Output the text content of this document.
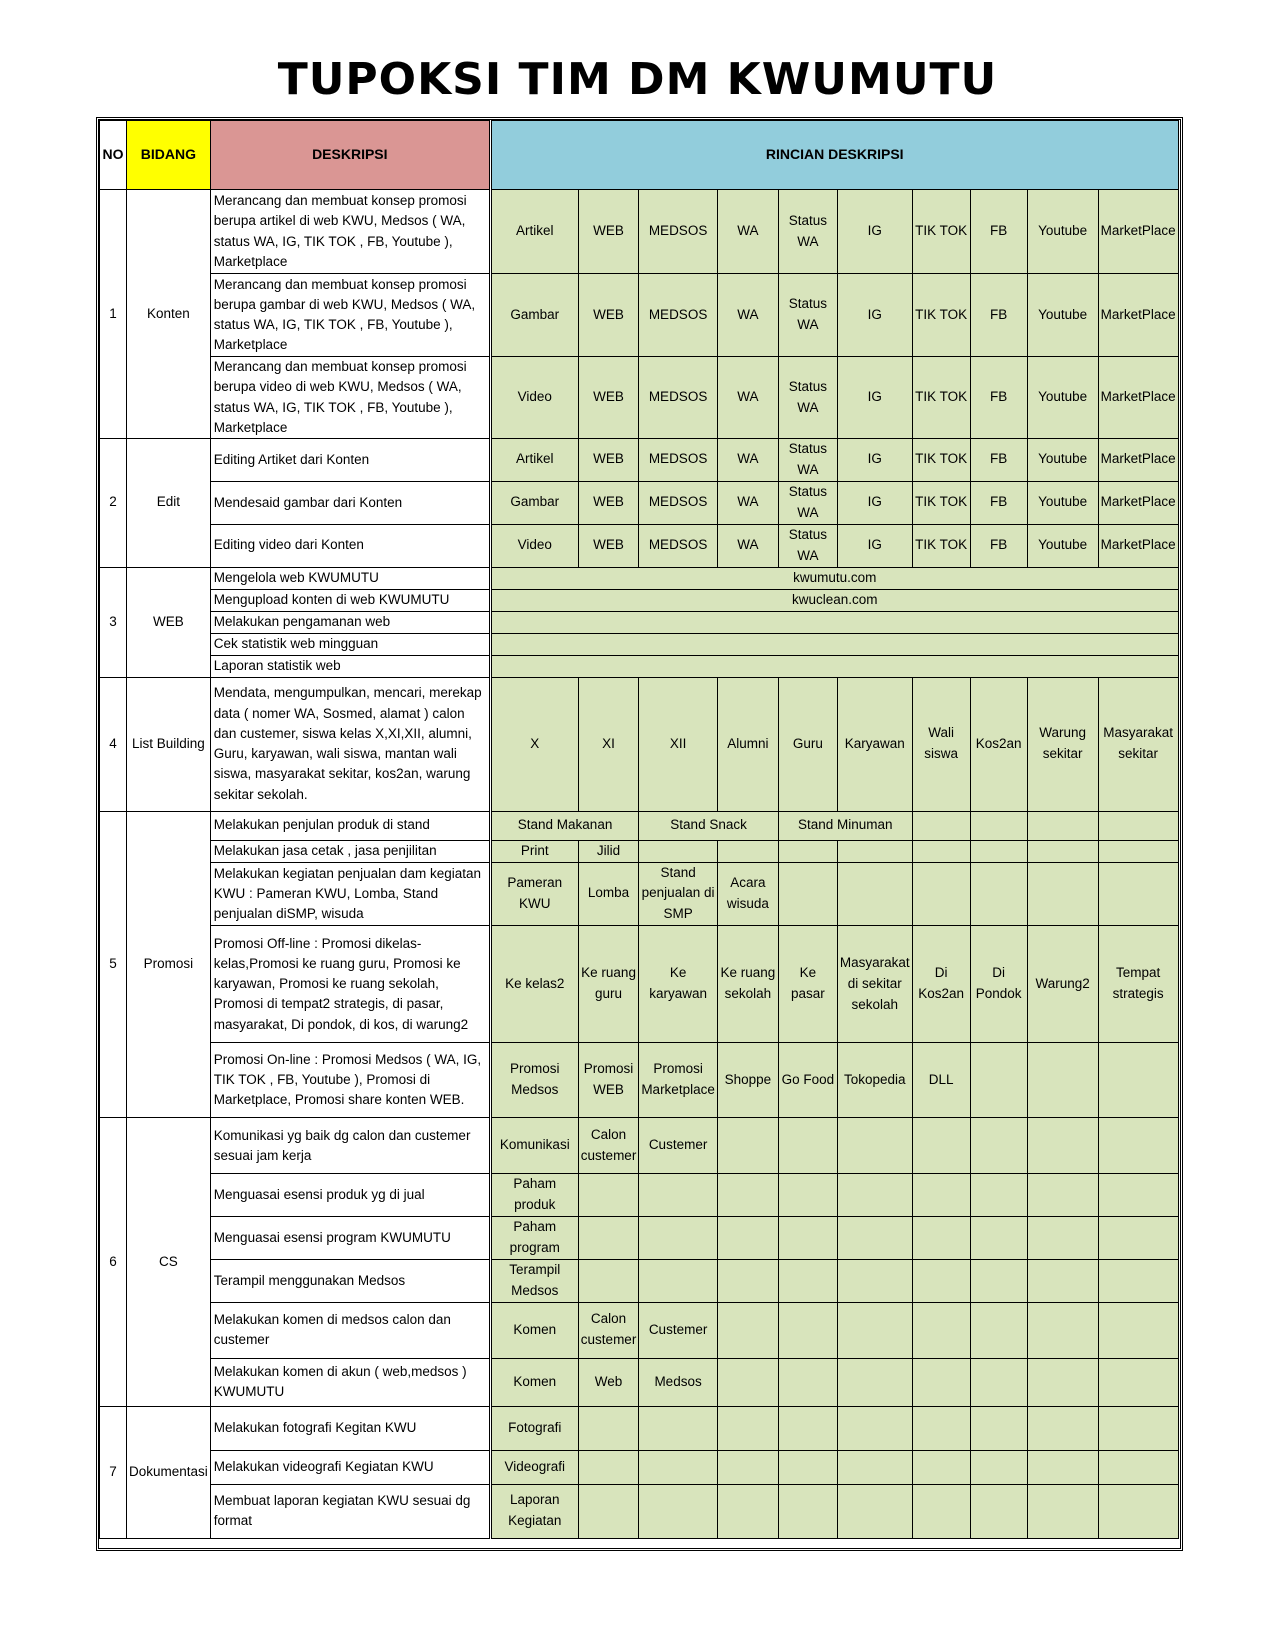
TUPOKSI TIM DM KWUMUTU
NO	BIDANG	DESKRIPSI	RINCIAN DESKRIPSI									
1	Konten	Merancang dan membuat konsep promosi berupa artikel di web KWU, Medsos ( WA, status WA, IG, TIK TOK , FB, Youtube ), Marketplace	Artikel	WEB	MEDSOS	WA	Status WA	IG	TIK TOK	FB	Youtube	MarketPlace
		Merancang dan membuat konsep promosi berupa gambar di web KWU, Medsos ( WA, status WA, IG, TIK TOK , FB, Youtube ), Marketplace	Gambar	WEB	MEDSOS	WA	Status WA	IG	TIK TOK	FB	Youtube	MarketPlace
		Merancang dan membuat konsep promosi berupa video di web KWU, Medsos ( WA, status WA, IG, TIK TOK , FB, Youtube ), Marketplace	Video	WEB	MEDSOS	WA	Status WA	IG	TIK TOK	FB	Youtube	MarketPlace
2	Edit	Editing Artiket dari Konten	Artikel	WEB	MEDSOS	WA	Status WA	IG	TIK TOK	FB	Youtube	MarketPlace
		Mendesaid gambar dari Konten	Gambar	WEB	MEDSOS	WA	Status WA	IG	TIK TOK	FB	Youtube	MarketPlace
		Editing video dari Konten	Video	WEB	MEDSOS	WA	Status WA	IG	TIK TOK	FB	Youtube	MarketPlace
3	WEB	Mengelola web KWUMUTU	kwumutu.com									
		Mengupload konten di web KWUMUTU	kwuclean.com									
		Melakukan pengamanan web										
		Cek statistik web mingguan										
		Laporan statistik web										
4	List Building	Mendata, mengumpulkan, mencari, merekap data ( nomer WA, Sosmed, alamat ) calon dan custemer, siswa kelas X,XI,XII, alumni, Guru, karyawan, wali siswa, mantan wali siswa, masyarakat sekitar, kos2an, warung sekitar sekolah.	X	XI	XII	Alumni	Guru	Karyawan	Wali siswa	Kos2an	Warung sekitar	Masyarakat sekitar
5	Promosi	Melakukan penjulan produk di stand	Stand Makanan		Stand Snack		Stand Minuman					
		Melakukan jasa cetak , jasa penjilitan	Print	Jilid								
		Melakukan kegiatan penjualan dam kegiatan KWU : Pameran KWU, Lomba, Stand penjualan diSMP, wisuda	Pameran KWU	Lomba	Stand penjualan di SMP	Acara wisuda						
		Promosi Off-line : Promosi dikelas-kelas,Promosi ke ruang guru, Promosi ke karyawan, Promosi ke ruang sekolah, Promosi di tempat2 strategis, di pasar, masyarakat, Di pondok, di kos, di warung2	Ke kelas2	Ke ruang guru	Ke karyawan	Ke ruang sekolah	Ke pasar	Masyarakat di sekitar sekolah	Di Kos2an	Di Pondok	Warung2	Tempat strategis
		Promosi On-line : Promosi Medsos ( WA, IG, TIK TOK , FB, Youtube ), Promosi di Marketplace, Promosi share konten WEB.	Promosi Medsos	Promosi WEB	Promosi Marketplace	Shoppe	Go Food	Tokopedia	DLL			
6	CS	Komunikasi yg baik dg calon dan custemer sesuai jam kerja	Komunikasi	Calon custemer	Custemer							
		Menguasai esensi produk yg di jual	Paham produk									
		Menguasai esensi program KWUMUTU	Paham program									
		Terampil menggunakan Medsos	Terampil Medsos									
		Melakukan komen di medsos calon dan custemer	Komen	Calon custemer	Custemer							
		Melakukan komen di akun ( web,medsos ) KWUMUTU	Komen	Web	Medsos							
7	Dokumentasi	Melakukan fotografi Kegitan KWU	Fotografi									
		Melakukan videografi Kegiatan KWU	Videografi									
		Membuat laporan kegiatan KWU sesuai dg format	Laporan Kegiatan									
